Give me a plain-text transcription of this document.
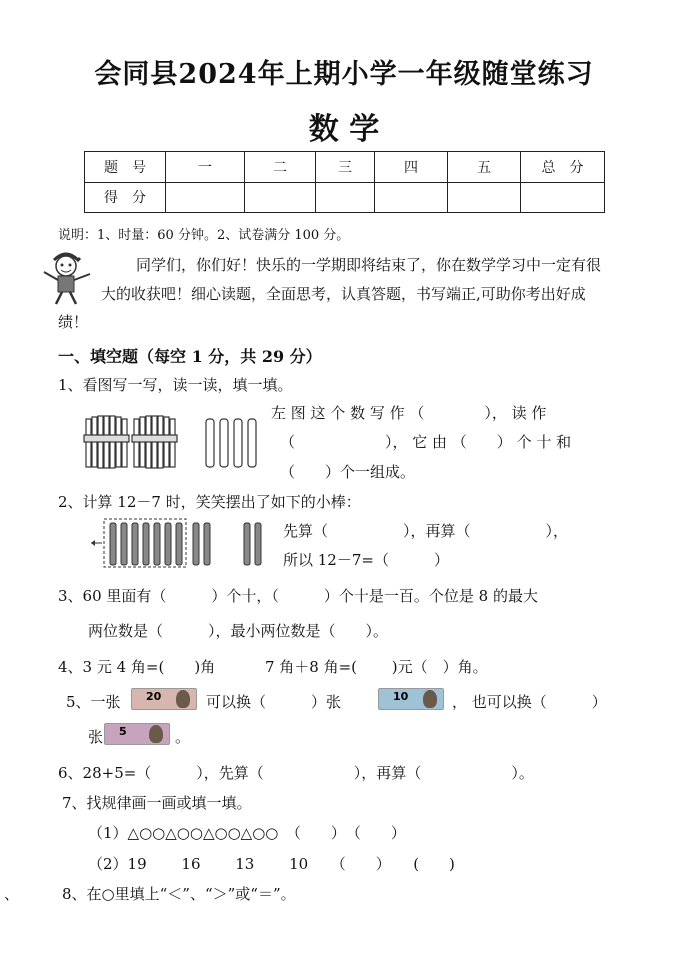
会同县2024年上期小学一年级随堂练习
数 学
题　号	一	二	三	四	五	总　分
得　分						
说明：1、时量：60 分钟。2、试卷满分 100 分。
同学们，你们好！快乐的一学期即将结束了，你在数学学习中一定有很
大的收获吧！细心读题，全面思考，认真答题，书写端正,可助你考出好成
绩！
一、填空题（每空 1 分，共 29 分）
1、看图写一写，读一读，填一填。
左 图 这 个 数 写 作 （　　　　）， 读 作
（　　　　　　）， 它 由 （　　） 个 十 和
（　　）个一组成。
2、计算 12－7 时，笑笑摆出了如下的小棒：
先算（　　　　　），再算（　　　　　），
所以 12－7=（　　　）
3、60 里面有（　　　）个十，（　　　）个十是一百。个位是 8 的最大
两位数是（　　　），最小两位数是（　　）。
4、3 元 4 角=(　　)角　　　 7 角＋8 角=(　　 )元（　）角。
5、一张 20	可以换（　　　）张	10	， 也可以换（　　　）
张 5	。
6、28+5=（　　　），先算（　　　　　　），再算（　　　　　　）。
7、找规律画一画或填一填。
（1）△○○△○○△○○△○○　（　　）　（　　）
（2）19　　 16　　 13　　 10　　（　　）　　(　　)
、	8、在○里填上“＜”、“＞”或“＝”。
